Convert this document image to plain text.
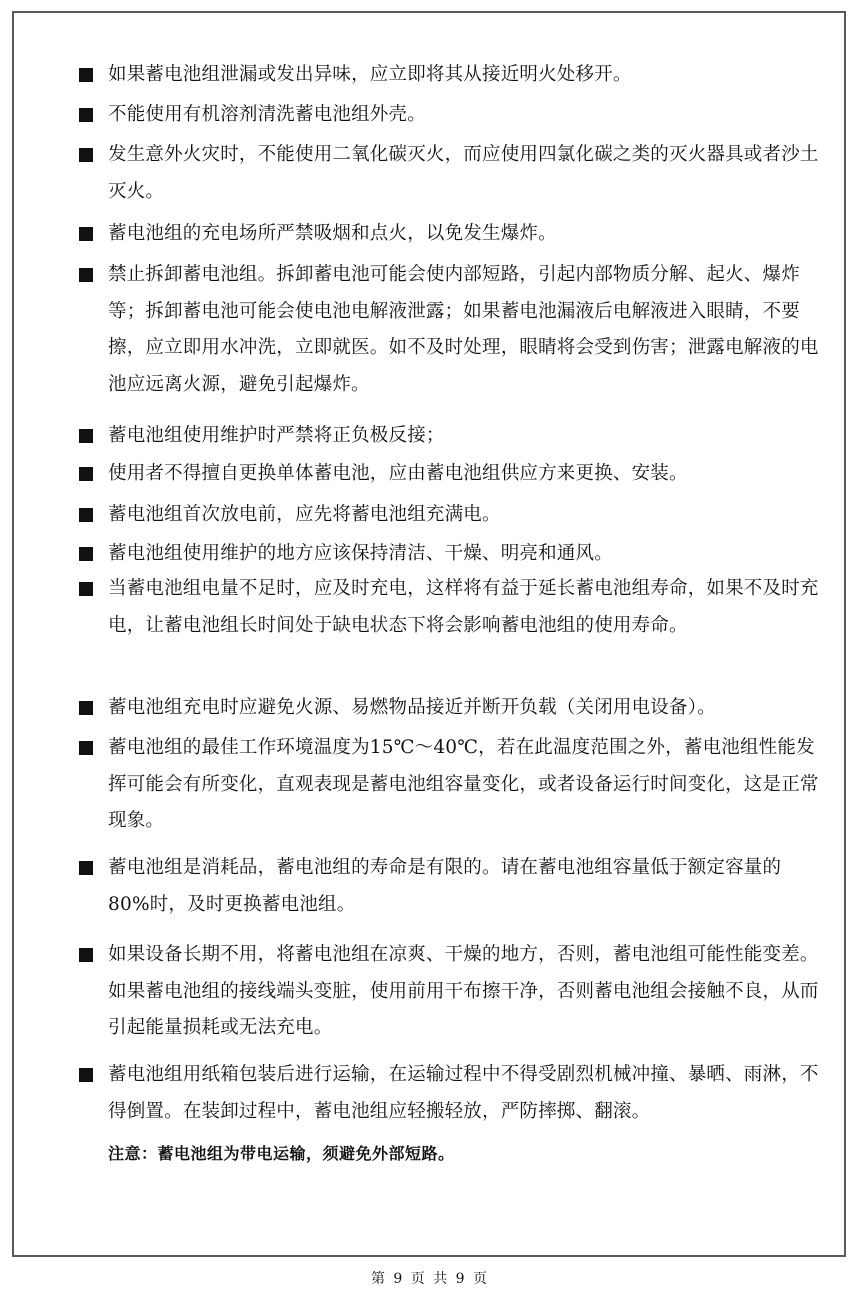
如果蓄电池组泄漏或发出异味，应立即将其从接近明火处移开。
不能使用有机溶剂清洗蓄电池组外壳。
发生意外火灾时，不能使用二氧化碳灭火，而应使用四氯化碳之类的灭火器具或者沙土灭火。
蓄电池组的充电场所严禁吸烟和点火，以免发生爆炸。
禁止拆卸蓄电池组。拆卸蓄电池可能会使内部短路，引起内部物质分解、起火、爆炸等；拆卸蓄电池可能会使电池电解液泄露；如果蓄电池漏液后电解液进入眼睛，不要擦，应立即用水冲洗，立即就医。如不及时处理，眼睛将会受到伤害；泄露电解液的电池应远离火源，避免引起爆炸。
蓄电池组使用维护时严禁将正负极反接；
使用者不得擅自更换单体蓄电池，应由蓄电池组供应方来更换、安装。
蓄电池组首次放电前，应先将蓄电池组充满电。
蓄电池组使用维护的地方应该保持清洁、干燥、明亮和通风。
当蓄电池组电量不足时，应及时充电，这样将有益于延长蓄电池组寿命，如果不及时充电，让蓄电池组长时间处于缺电状态下将会影响蓄电池组的使用寿命。
蓄电池组充电时应避免火源、易燃物品接近并断开负载（关闭用电设备）。
蓄电池组的最佳工作环境温度为15℃～40℃，若在此温度范围之外，蓄电池组性能发挥可能会有所变化，直观表现是蓄电池组容量变化，或者设备运行时间变化，这是正常现象。
蓄电池组是消耗品，蓄电池组的寿命是有限的。请在蓄电池组容量低于额定容量的80%时，及时更换蓄电池组。
如果设备长期不用，将蓄电池组在凉爽、干燥的地方，否则，蓄电池组可能性能变差。如果蓄电池组的接线端头变脏，使用前用干布擦干净，否则蓄电池组会接触不良，从而引起能量损耗或无法充电。
蓄电池组用纸箱包装后进行运输，在运输过程中不得受剧烈机械冲撞、暴晒、雨淋，不得倒置。在装卸过程中，蓄电池组应轻搬轻放，严防摔掷、翻滚。
注意：蓄电池组为带电运输，须避免外部短路。
第 9 页 共 9 页
